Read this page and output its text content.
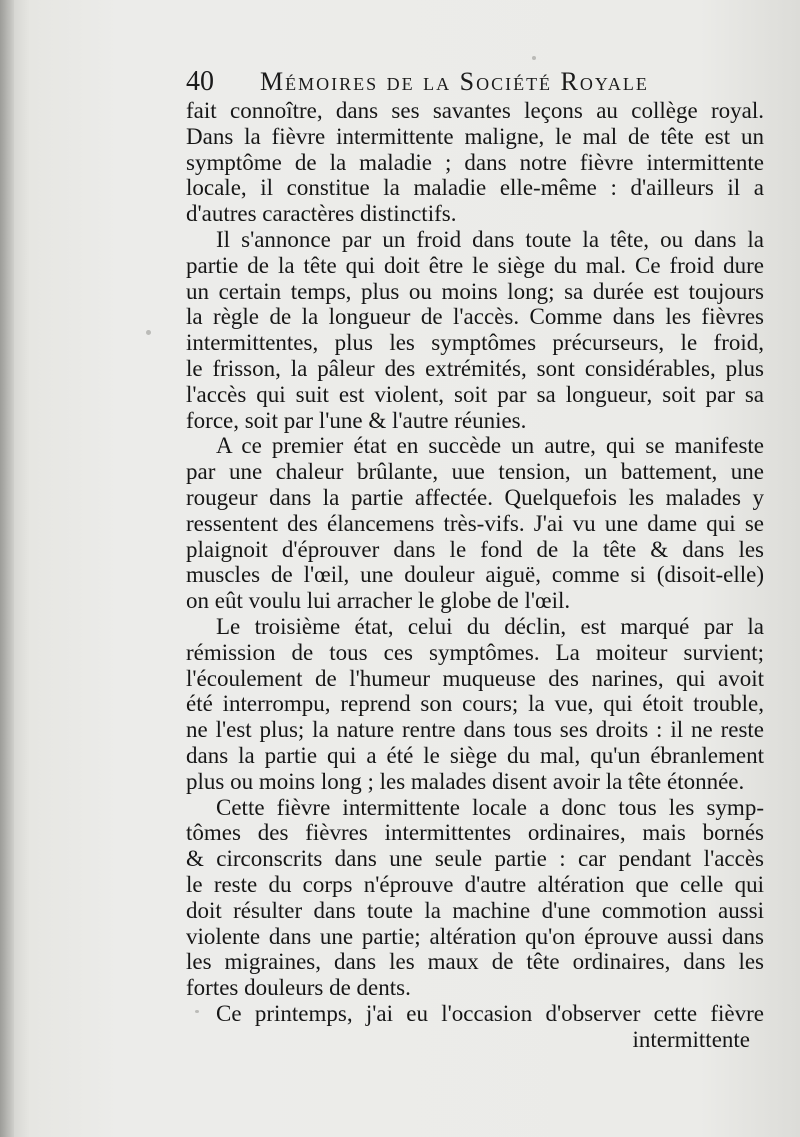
40 Mémoires de la Société Royale
fait connoître, dans ses savantes leçons au collège royal.
Dans la fièvre intermittente maligne, le mal de tête est un
symptôme de la maladie ; dans notre fièvre intermittente
locale, il constitue la maladie elle-même : d'ailleurs il a
d'autres caractères distinctifs.
Il s'annonce par un froid dans toute la tête, ou dans la
partie de la tête qui doit être le siège du mal. Ce froid dure
un certain temps, plus ou moins long; sa durée est toujours
la règle de la longueur de l'accès. Comme dans les fièvres
intermittentes, plus les symptômes précurseurs, le froid,
le frisson, la pâleur des extrémités, sont considérables, plus
l'accès qui suit est violent, soit par sa longueur, soit par sa
force, soit par l'une & l'autre réunies.
A ce premier état en succède un autre, qui se manifeste
par une chaleur brûlante, uue tension, un battement, une
rougeur dans la partie affectée. Quelquefois les malades y
ressentent des élancemens très-vifs. J'ai vu une dame qui se
plaignoit d'éprouver dans le fond de la tête & dans les
muscles de l'œil, une douleur aiguë, comme si (disoit-elle)
on eût voulu lui arracher le globe de l'œil.
Le troisième état, celui du déclin, est marqué par la
rémission de tous ces symptômes. La moiteur survient;
l'écoulement de l'humeur muqueuse des narines, qui avoit
été interrompu, reprend son cours; la vue, qui étoit trouble,
ne l'est plus; la nature rentre dans tous ses droits : il ne reste
dans la partie qui a été le siège du mal, qu'un ébranlement
plus ou moins long ; les malades disent avoir la tête étonnée.
Cette fièvre intermittente locale a donc tous les symp-
tômes des fièvres intermittentes ordinaires, mais bornés
& circonscrits dans une seule partie : car pendant l'accès
le reste du corps n'éprouve d'autre altération que celle qui
doit résulter dans toute la machine d'une commotion aussi
violente dans une partie; altération qu'on éprouve aussi dans
les migraines, dans les maux de tête ordinaires, dans les
fortes douleurs de dents.
Ce printemps, j'ai eu l'occasion d'observer cette fièvre
intermittente
